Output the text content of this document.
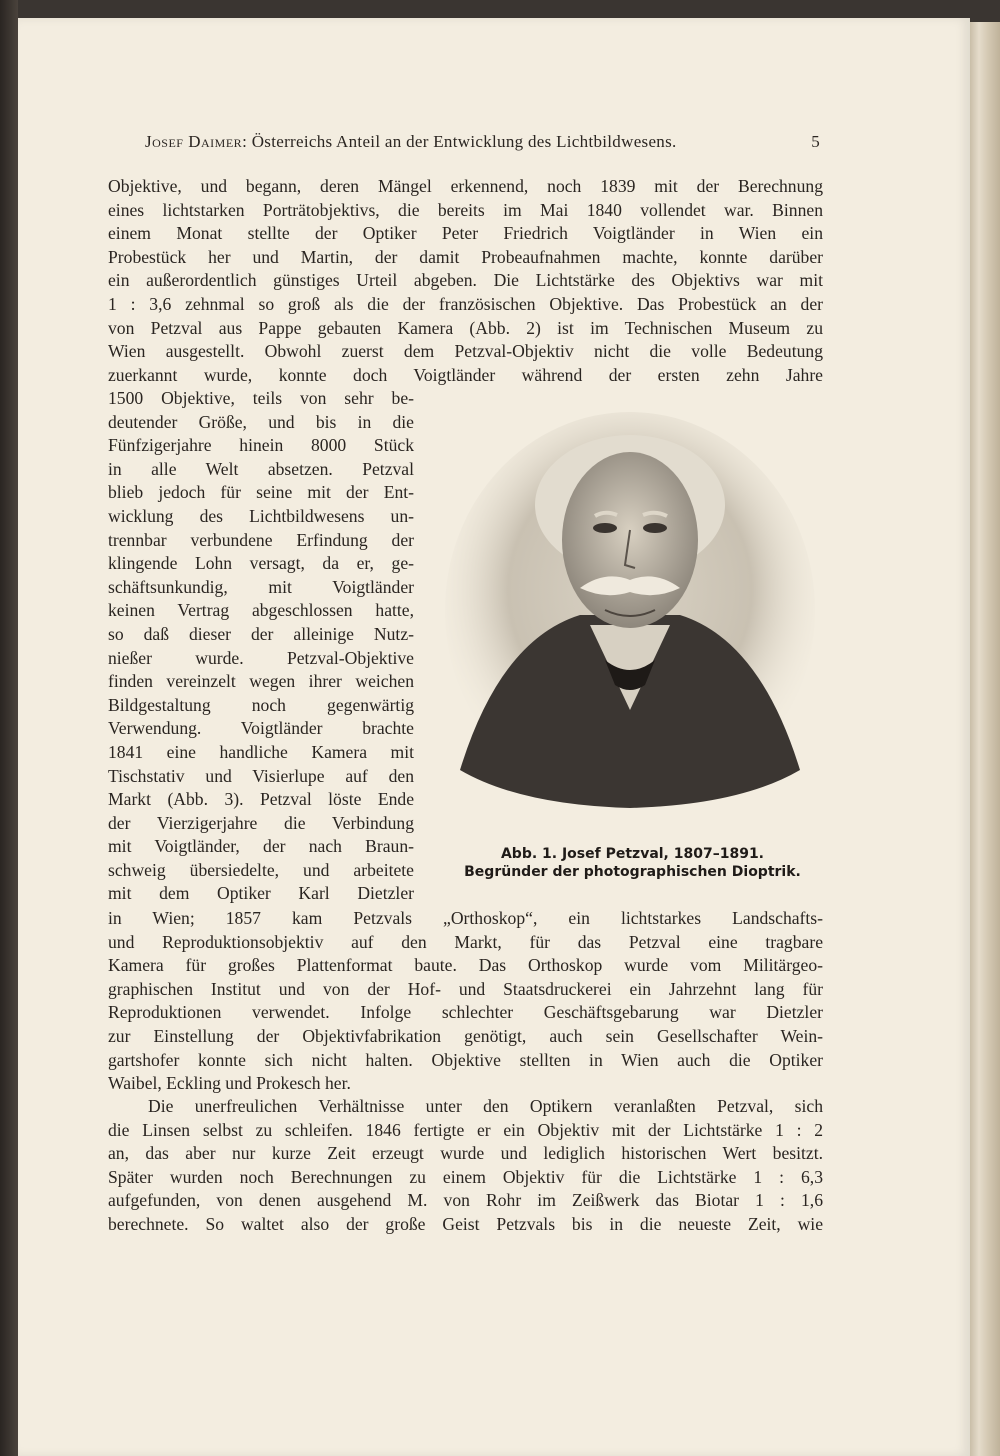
Josef Daimer: Österreichs Anteil an der Entwicklung des Lichtbildwesens.	5
Objektive, und begann, deren Mängel erkennend, noch 1839 mit der Berechnung
eines lichtstarken Porträtobjektivs, die bereits im Mai 1840 vollendet war. Binnen
einem Monat stellte der Optiker Peter Friedrich Voigtländer in Wien ein
Probestück her und Martin, der damit Probeaufnahmen machte, konnte darüber
ein außerordentlich günstiges Urteil abgeben. Die Lichtstärke des Objektivs war mit
1 : 3,6 zehnmal so groß als die der französischen Objektive. Das Probestück an der
von Petzval aus Pappe gebauten Kamera (Abb. 2) ist im Technischen Museum zu
Wien ausgestellt. Obwohl zuerst dem Petzval-Objektiv nicht die volle Bedeutung
zuerkannt wurde, konnte doch Voigtländer während der ersten zehn Jahre
1500 Objektive, teils von sehr be-
deutender Größe, und bis in die
Fünfzigerjahre hinein 8000 Stück
in alle Welt absetzen. Petzval
blieb jedoch für seine mit der Ent-
wicklung des Lichtbildwesens un-
trennbar verbundene Erfindung der
klingende Lohn versagt, da er, ge-
schäftsunkundig, mit Voigtländer
keinen Vertrag abgeschlossen hatte,
so daß dieser der alleinige Nutz-
nießer wurde. Petzval-Objektive
finden vereinzelt wegen ihrer weichen
Bildgestaltung noch gegenwärtig
Verwendung. Voigtländer brachte
1841 eine handliche Kamera mit
Tischstativ und Visierlupe auf den
Markt (Abb. 3). Petzval löste Ende
der Vierzigerjahre die Verbindung
mit Voigtländer, der nach Braun-
schweig übersiedelte, und arbeitete
mit dem Optiker Karl Dietzler
in Wien; 1857 kam Petzvals „Orthoskop“, ein lichtstarkes Landschafts-
und Reproduktionsobjektiv auf den Markt, für das Petzval eine tragbare
Kamera für großes Plattenformat baute. Das Orthoskop wurde vom Militärgeo-
graphischen Institut und von der Hof- und Staatsdruckerei ein Jahrzehnt lang für
Reproduktionen verwendet. Infolge schlechter Geschäftsgebarung war Dietzler
zur Einstellung der Objektivfabrikation genötigt, auch sein Gesellschafter Wein-
gartshofer konnte sich nicht halten. Objektive stellten in Wien auch die Optiker
Waibel, Eckling und Prokesch her.
Die unerfreulichen Verhältnisse unter den Optikern veranlaßten Petzval, sich
die Linsen selbst zu schleifen. 1846 fertigte er ein Objektiv mit der Lichtstärke 1 : 2
an, das aber nur kurze Zeit erzeugt wurde und lediglich historischen Wert besitzt.
Später wurden noch Berechnungen zu einem Objektiv für die Lichtstärke 1 : 6,3
aufgefunden, von denen ausgehend M. von Rohr im Zeißwerk das Biotar 1 : 1,6
berechnete. So waltet also der große Geist Petzvals bis in die neueste Zeit, wie
Abb. 1. Josef Petzval, 1807–1891.
Begründer der photographischen Dioptrik.
